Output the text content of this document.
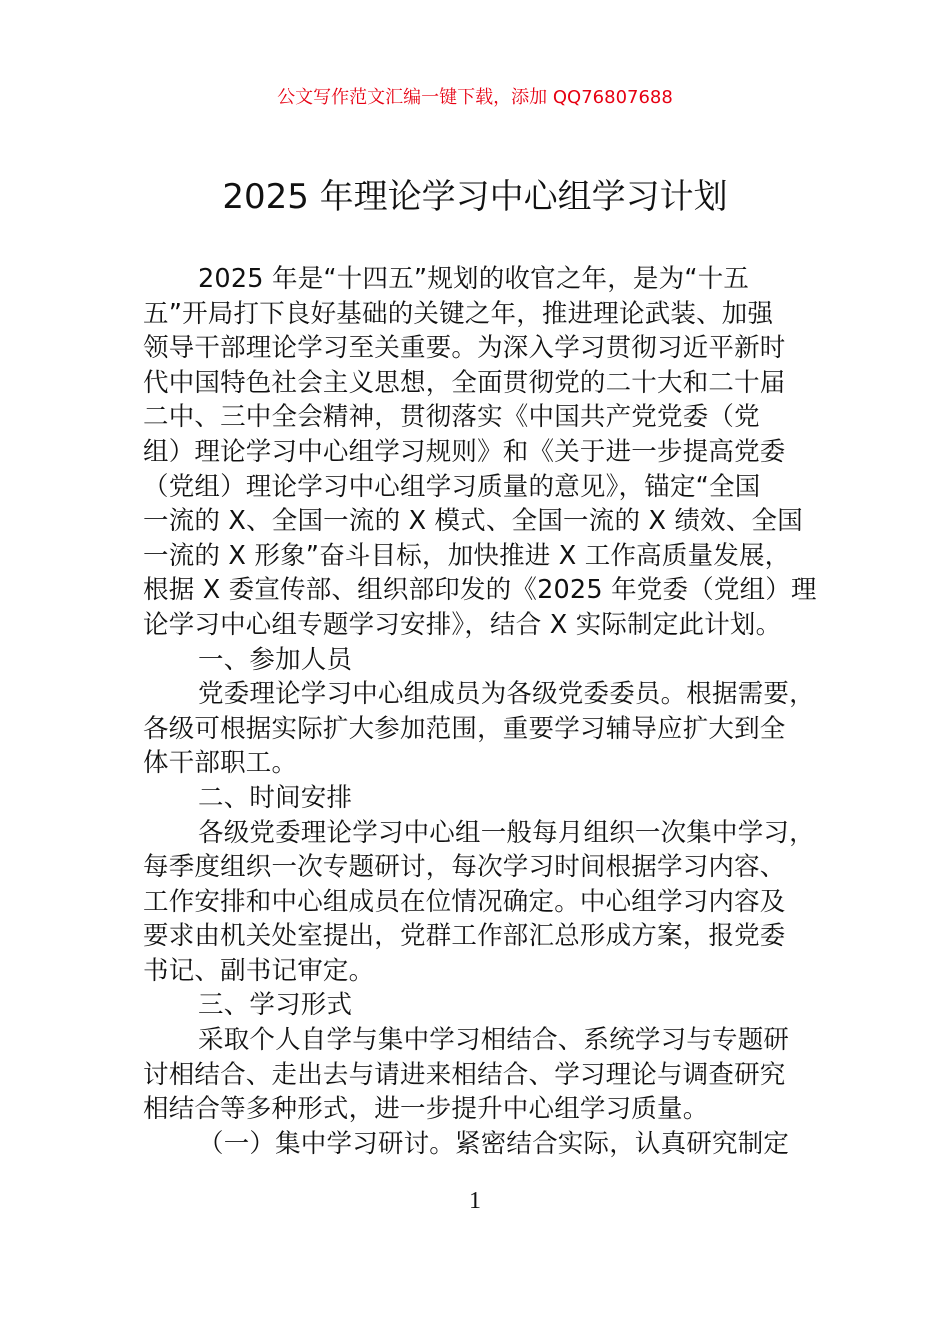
公文写作范文汇编一键下载，添加 QQ76807688
2025 年理论学习中心组学习计划
2025 年是“十四五”规划的收官之年，是为“十五
五”开局打下良好基础的关键之年，推进理论武装、加强
领导干部理论学习至关重要。为深入学习贯彻习近平新时
代中国特色社会主义思想，全面贯彻党的二十大和二十届
二中、三中全会精神，贯彻落实《中国共产党党委（党
组）理论学习中心组学习规则》和《关于进一步提高党委
（党组）理论学习中心组学习质量的意见》，锚定“全国
一流的 X、全国一流的 X 模式、全国一流的 X 绩效、全国
一流的 X 形象”奋斗目标，加快推进 X 工作高质量发展，
根据 X 委宣传部、组织部印发的《2025 年党委（党组）理
论学习中心组专题学习安排》，结合 X 实际制定此计划。
一、参加人员
党委理论学习中心组成员为各级党委委员。根据需要，
各级可根据实际扩大参加范围，重要学习辅导应扩大到全
体干部职工。
二、时间安排
各级党委理论学习中心组一般每月组织一次集中学习，
每季度组织一次专题研讨，每次学习时间根据学习内容、
工作安排和中心组成员在位情况确定。中心组学习内容及
要求由机关处室提出，党群工作部汇总形成方案，报党委
书记、副书记审定。
三、学习形式
采取个人自学与集中学习相结合、系统学习与专题研
讨相结合、走出去与请进来相结合、学习理论与调查研究
相结合等多种形式，进一步提升中心组学习质量。
（一）集中学习研讨。紧密结合实际，认真研究制定
1
